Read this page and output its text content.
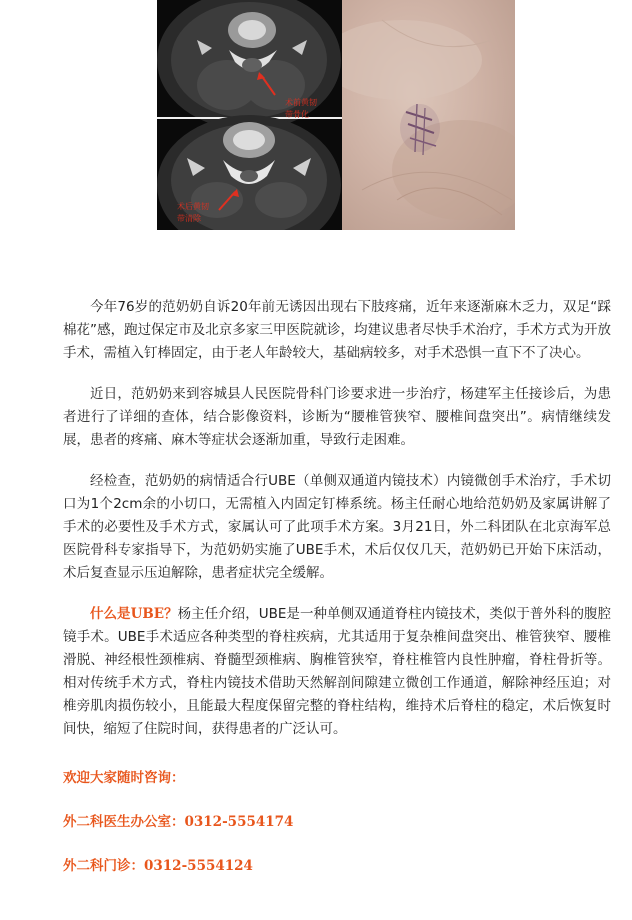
术前黄韧
带骨化
术后黄韧
带清除

今年76岁的范奶奶自诉20年前无诱因出现右下肢疼痛，近年来逐渐麻木乏力，双足“踩棉花”感，跑过保定市及北京多家三甲医院就诊，均建议患者尽快手术治疗，手术方式为开放手术，需植入钉棒固定，由于老人年龄较大，基础病较多，对手术恐惧一直下不了决心。

近日，范奶奶来到容城县人民医院骨科门诊要求进一步治疗，杨建军主任接诊后，为患者进行了详细的查体，结合影像资料，诊断为“腰椎管狭窄、腰椎间盘突出”。病情继续发展，患者的疼痛、麻木等症状会逐渐加重，导致行走困难。

经检查，范奶奶的病情适合行UBE（单侧双通道内镜技术）内镜微创手术治疗，手术切口为1个2cm余的小切口，无需植入内固定钉棒系统。杨主任耐心地给范奶奶及家属讲解了手术的必要性及手术方式，家属认可了此项手术方案。3月21日，外二科团队在北京海军总医院骨科专家指导下，为范奶奶实施了UBE手术，术后仅仅几天，范奶奶已开始下床活动，术后复查显示压迫解除，患者症状完全缓解。

什么是UBE？杨主任介绍，UBE是一种单侧双通道脊柱内镜技术，类似于普外科的腹腔镜手术。UBE手术适应各种类型的脊柱疾病，尤其适用于复杂椎间盘突出、椎管狭窄、腰椎滑脱、神经根性颈椎病、脊髓型颈椎病、胸椎管狭窄，脊柱椎管内良性肿瘤，脊柱骨折等。相对传统手术方式，脊柱内镜技术借助天然解剖间隙建立微创工作通道，解除神经压迫；对椎旁肌肉损伤较小，且能最大程度保留完整的脊柱结构，维持术后脊柱的稳定，术后恢复时间快，缩短了住院时间，获得患者的广泛认可。

欢迎大家随时咨询：
外二科医生办公室：0312-5554174
外二科门诊：0312-5554124
